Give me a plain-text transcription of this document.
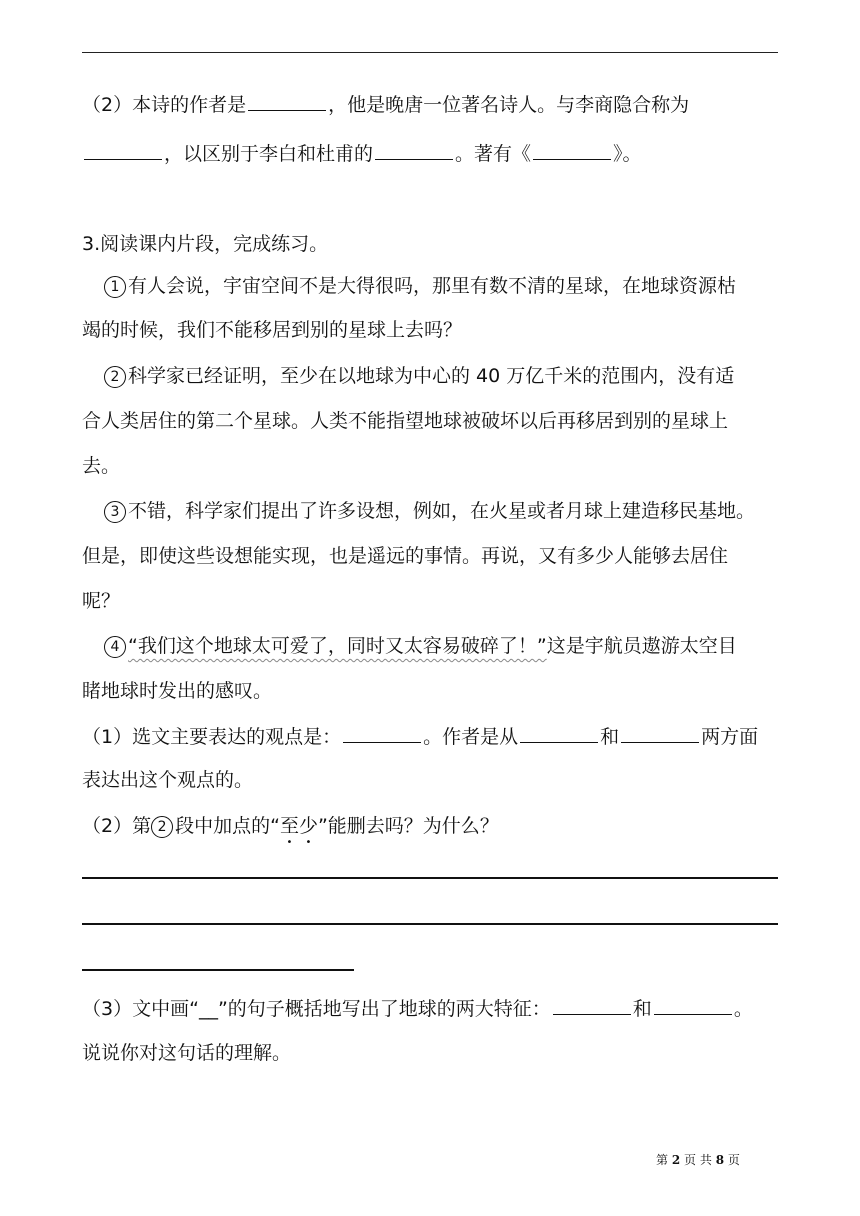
（2）本诗的作者是	，他是晚唐一位著名诗人。与李商隐合称为
，以区别于李白和杜甫的	。著有《	》。
3.阅读课内片段，完成练习。
1 有人会说，宇宙空间不是大得很吗，那里有数不清的星球，在地球资源枯
竭的时候，我们不能移居到别的星球上去吗？
2 科学家已经证明，至少在以地球为中心的 40 万亿千米的范围内，没有适
合人类居住的第二个星球。人类不能指望地球被破坏以后再移居到别的星球上
去。
3 不错，科学家们提出了许多设想，例如，在火星或者月球上建造移民基地。
但是，即使这些设想能实现，也是遥远的事情。再说，又有多少人能够去居住
呢？
4 “我们这个地球太可爱了，同时又太容易破碎了！”这是宇航员遨游太空目
睹地球时发出的感叹。
（1）选文主要表达的观点是：	。作者是从	和	两方面
表达出这个观点的。
（2）第 2 段中加点的“至少”能删去吗？为什么？
（3）文中画“__”的句子概括地写出了地球的两大特征：	和	。
说说你对这句话的理解。
第 2 页 共 8 页
